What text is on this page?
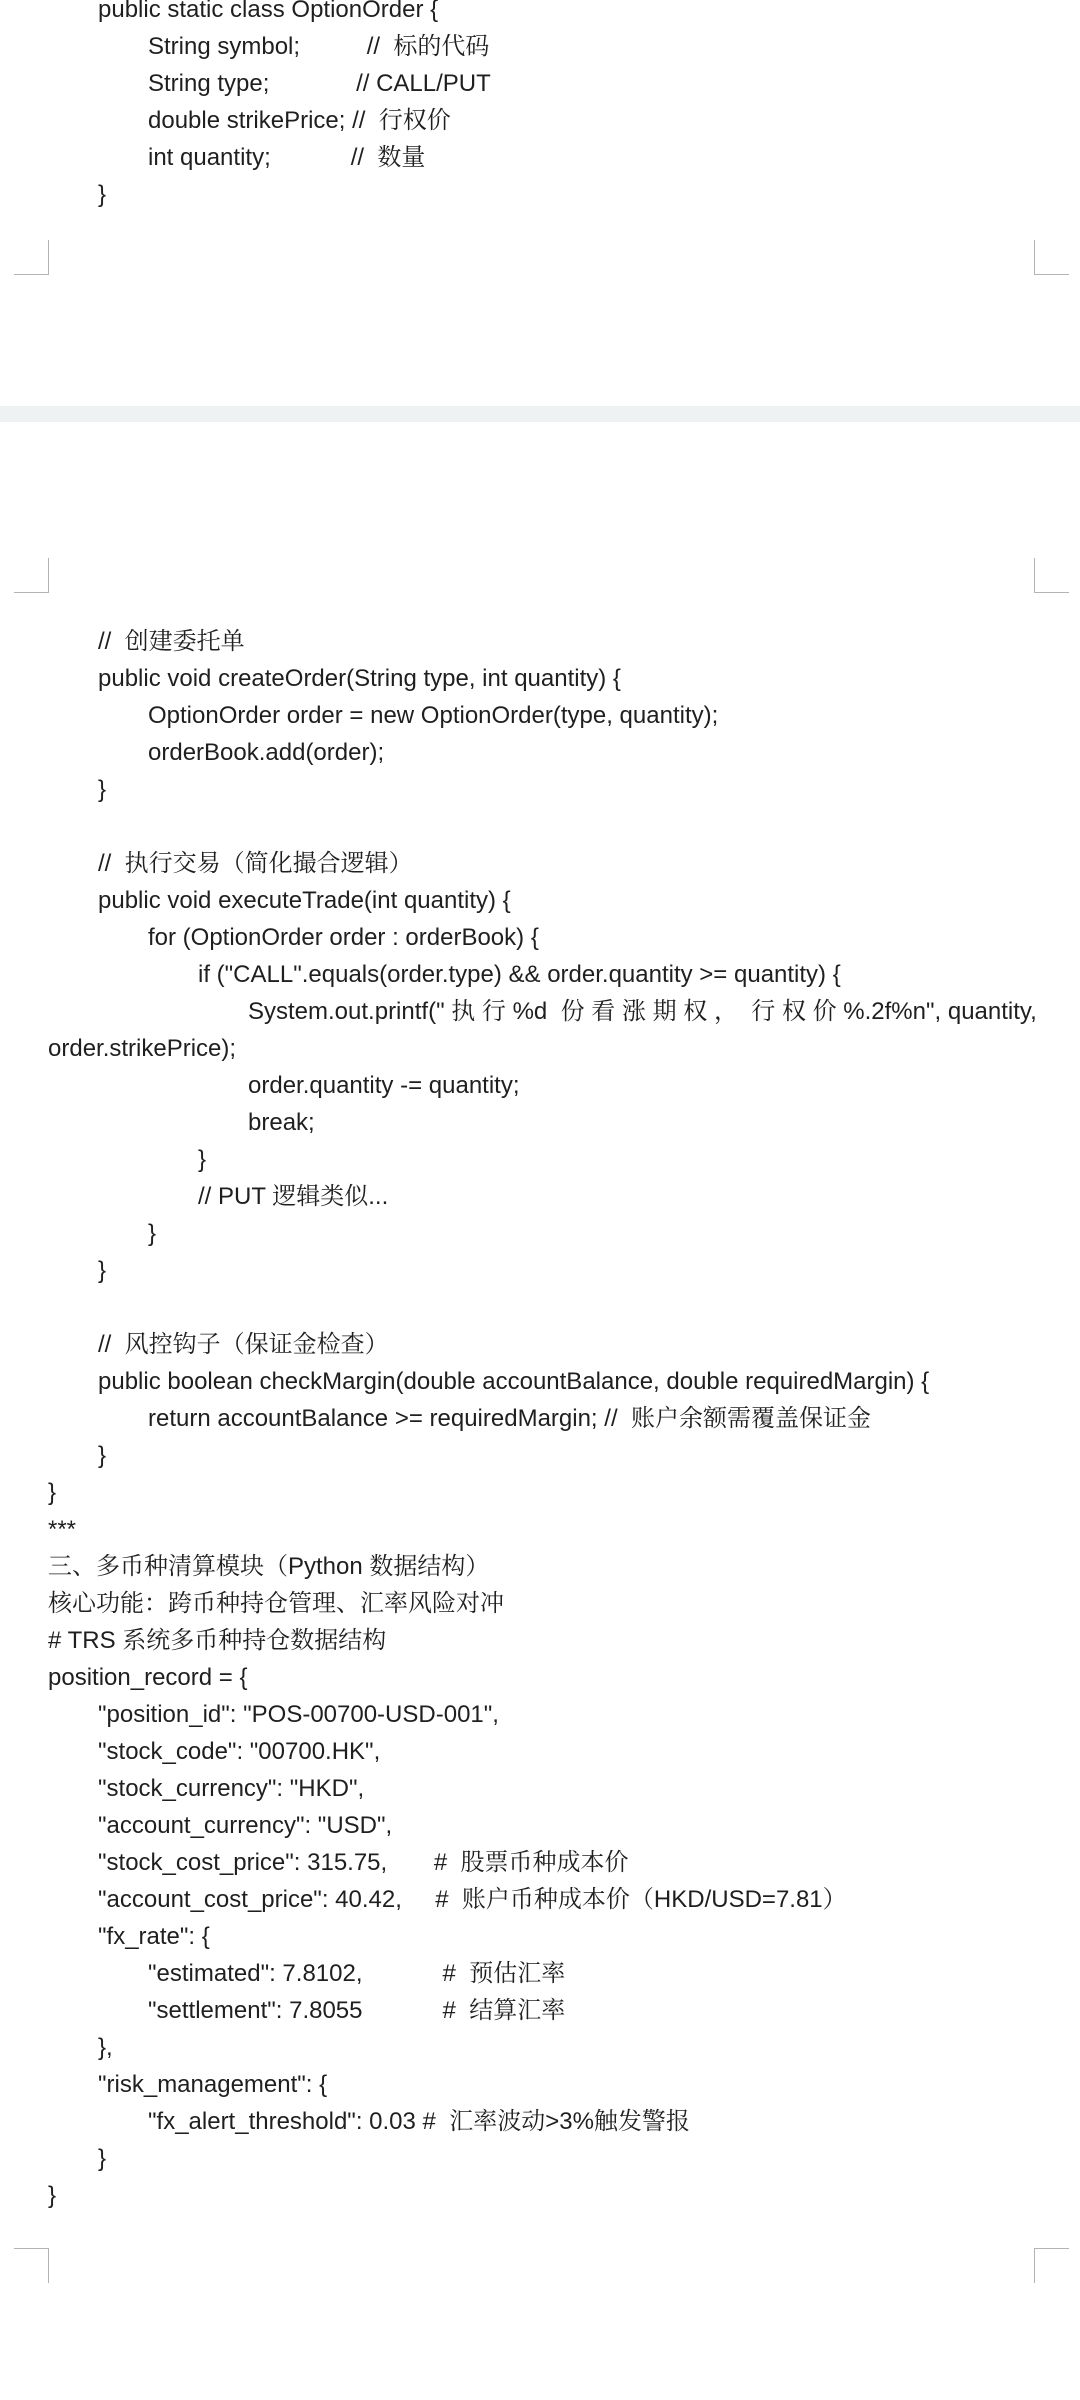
public static class OptionOrder {
String symbol;          //  标的代码
String type;             // CALL/PUT
double strikePrice; //  行权价
int quantity;            //  数量
}
//  创建委托单
public void createOrder(String type, int quantity) {
OptionOrder order = new OptionOrder(type, quantity);
orderBook.add(order);
}
//  执行交易（简化撮合逻辑）
public void executeTrade(int quantity) {
for (OptionOrder order : orderBook) {
if ("CALL".equals(order.type) && order.quantity >= quantity) {
System.out.printf(" 执 行 %d  份 看 涨 期 权 ，  行 权 价 %.2f%n", quantity,
order.strikePrice);
order.quantity -= quantity;
break;
}
// PUT 逻辑类似...
}
}
//  风控钩子（保证金检查）
public boolean checkMargin(double accountBalance, double requiredMargin) {
return accountBalance >= requiredMargin; //  账户余额需覆盖保证金
}
}
***
三、多币种清算模块（Python 数据结构）
核心功能：跨币种持仓管理、汇率风险对冲
# TRS 系统多币种持仓数据结构
position_record = {
"position_id": "POS-00700-USD-001",
"stock_code": "00700.HK",
"stock_currency": "HKD",
"account_currency": "USD",
"stock_cost_price": 315.75,       #  股票币种成本价
"account_cost_price": 40.42,     #  账户币种成本价（HKD/USD=7.81）
"fx_rate": {
"estimated": 7.8102,            #  预估汇率
"settlement": 7.8055            #  结算汇率
},
"risk_management": {
"fx_alert_threshold": 0.03 #  汇率波动>3%触发警报
}
}
